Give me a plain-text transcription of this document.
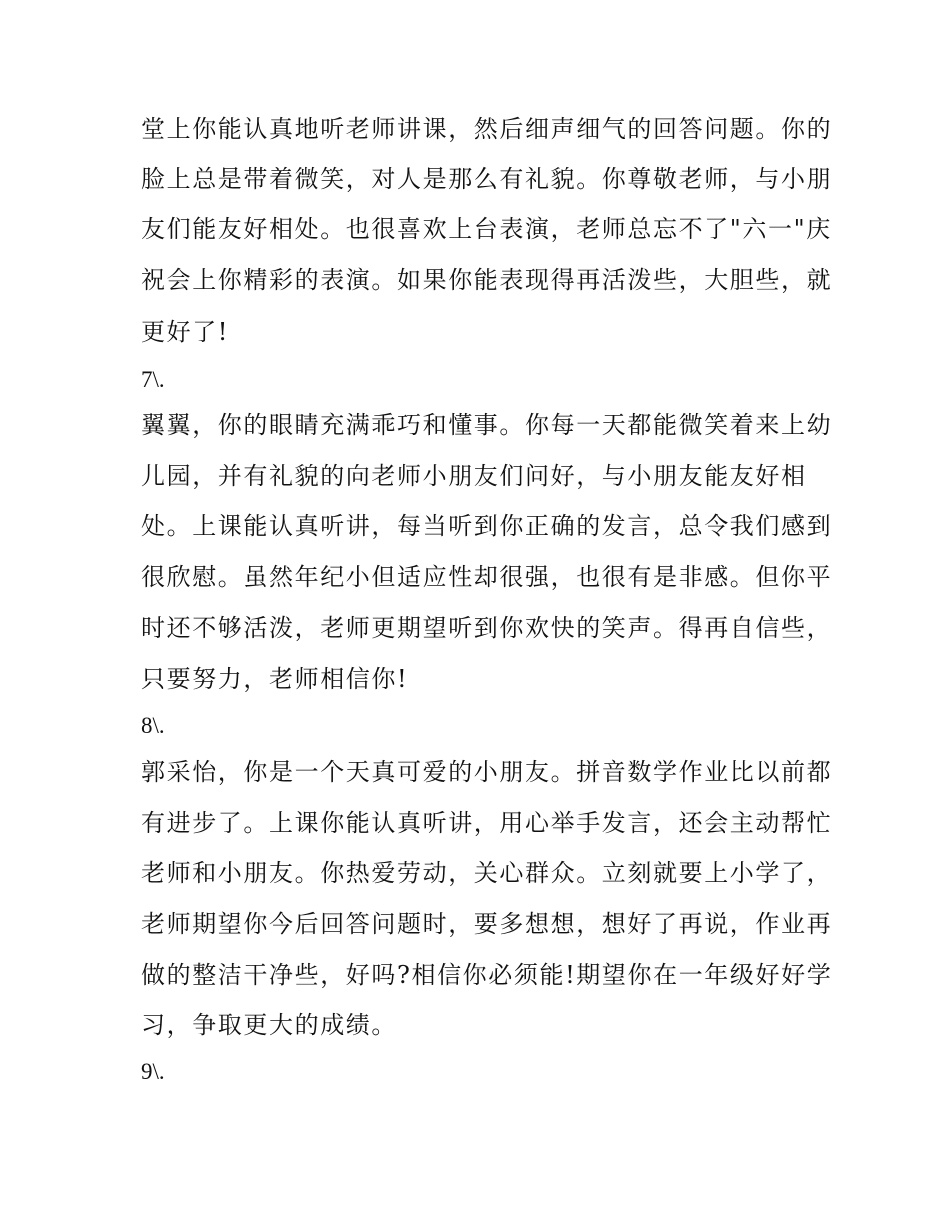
堂上你能认真地听老师讲课，然后细声细气的回答问题。你的
脸上总是带着微笑，对人是那么有礼貌。你尊敬老师，与小朋
友们能友好相处。也很喜欢上台表演，老师总忘不了"六一"庆
祝会上你精彩的表演。如果你能表现得再活泼些，大胆些，就
更好了!
7\.
翼翼，你的眼睛充满乖巧和懂事。你每一天都能微笑着来上幼
儿园，并有礼貌的向老师小朋友们问好，与小朋友能友好相
处。上课能认真听讲，每当听到你正确的发言，总令我们感到
很欣慰。虽然年纪小但适应性却很强，也很有是非感。但你平
时还不够活泼，老师更期望听到你欢快的笑声。得再自信些，
只要努力，老师相信你!
8\.
郭采怡，你是一个天真可爱的小朋友。拼音数学作业比以前都
有进步了。上课你能认真听讲，用心举手发言，还会主动帮忙
老师和小朋友。你热爱劳动，关心群众。立刻就要上小学了，
老师期望你今后回答问题时，要多想想，想好了再说，作业再
做的整洁干净些，好吗?相信你必须能!期望你在一年级好好学
习，争取更大的成绩。
9\.
